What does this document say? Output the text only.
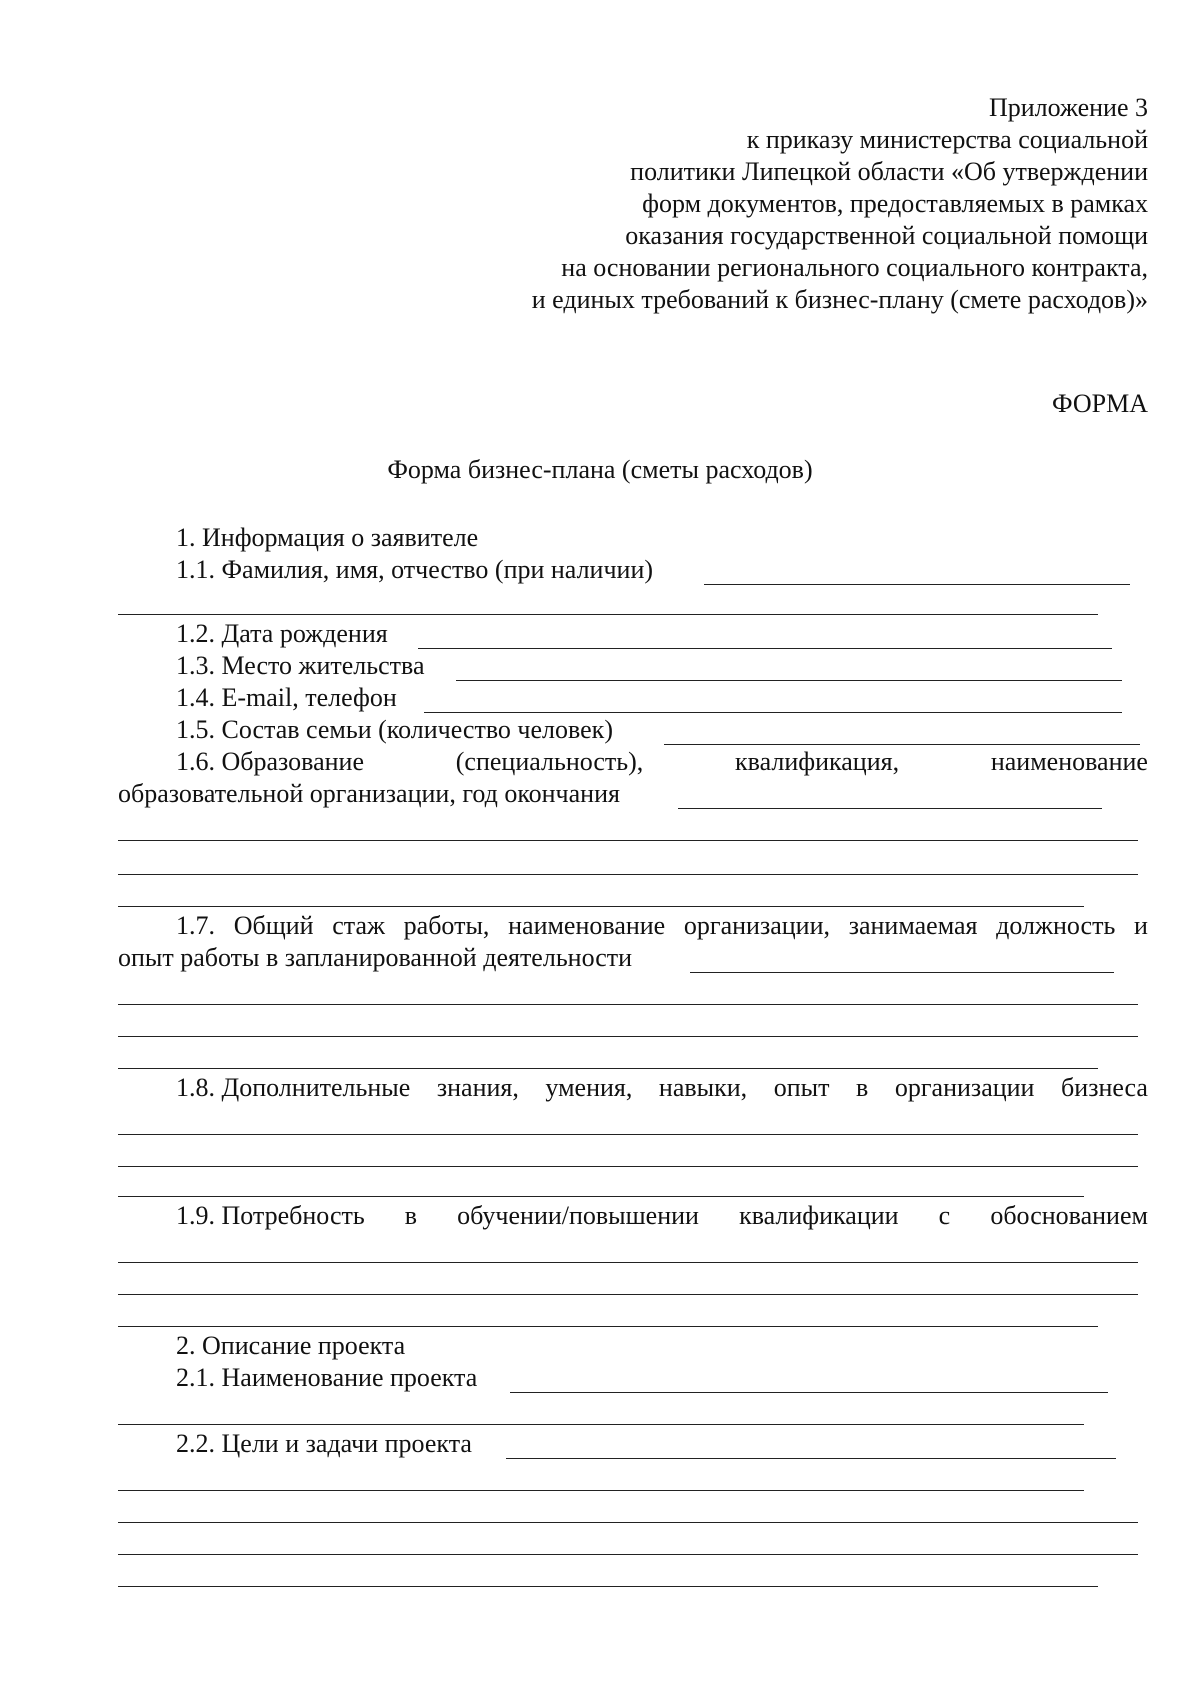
Приложение 3
к приказу министерства социальной
политики Липецкой области «Об утверждении
форм документов, предоставляемых в рамках
оказания государственной социальной помощи
на основании регионального социального контракта,
и единых требований к бизнес-плану (смете расходов)»
ФОРМА
Форма бизнес-плана (сметы расходов)
1. Информация о заявителе
1.1. Фамилия, имя, отчество (при наличии)
1.2. Дата рождения
1.3. Место жительства
1.4. E-mail, телефон
1.5. Состав семьи (количество человек)
1.6. Образование	(специальность),	квалификация,	наименование
образовательной организации, год окончания
1.7. Общий стаж работы, наименование организации, занимаемая должность и
опыт работы в запланированной деятельности
1.8. Дополнительные знания, умения, навыки, опыт в организации бизнеса
1.9. Потребность в обучении/повышении квалификации с обоснованием
2. Описание проекта
2.1. Наименование проекта
2.2. Цели и задачи проекта
